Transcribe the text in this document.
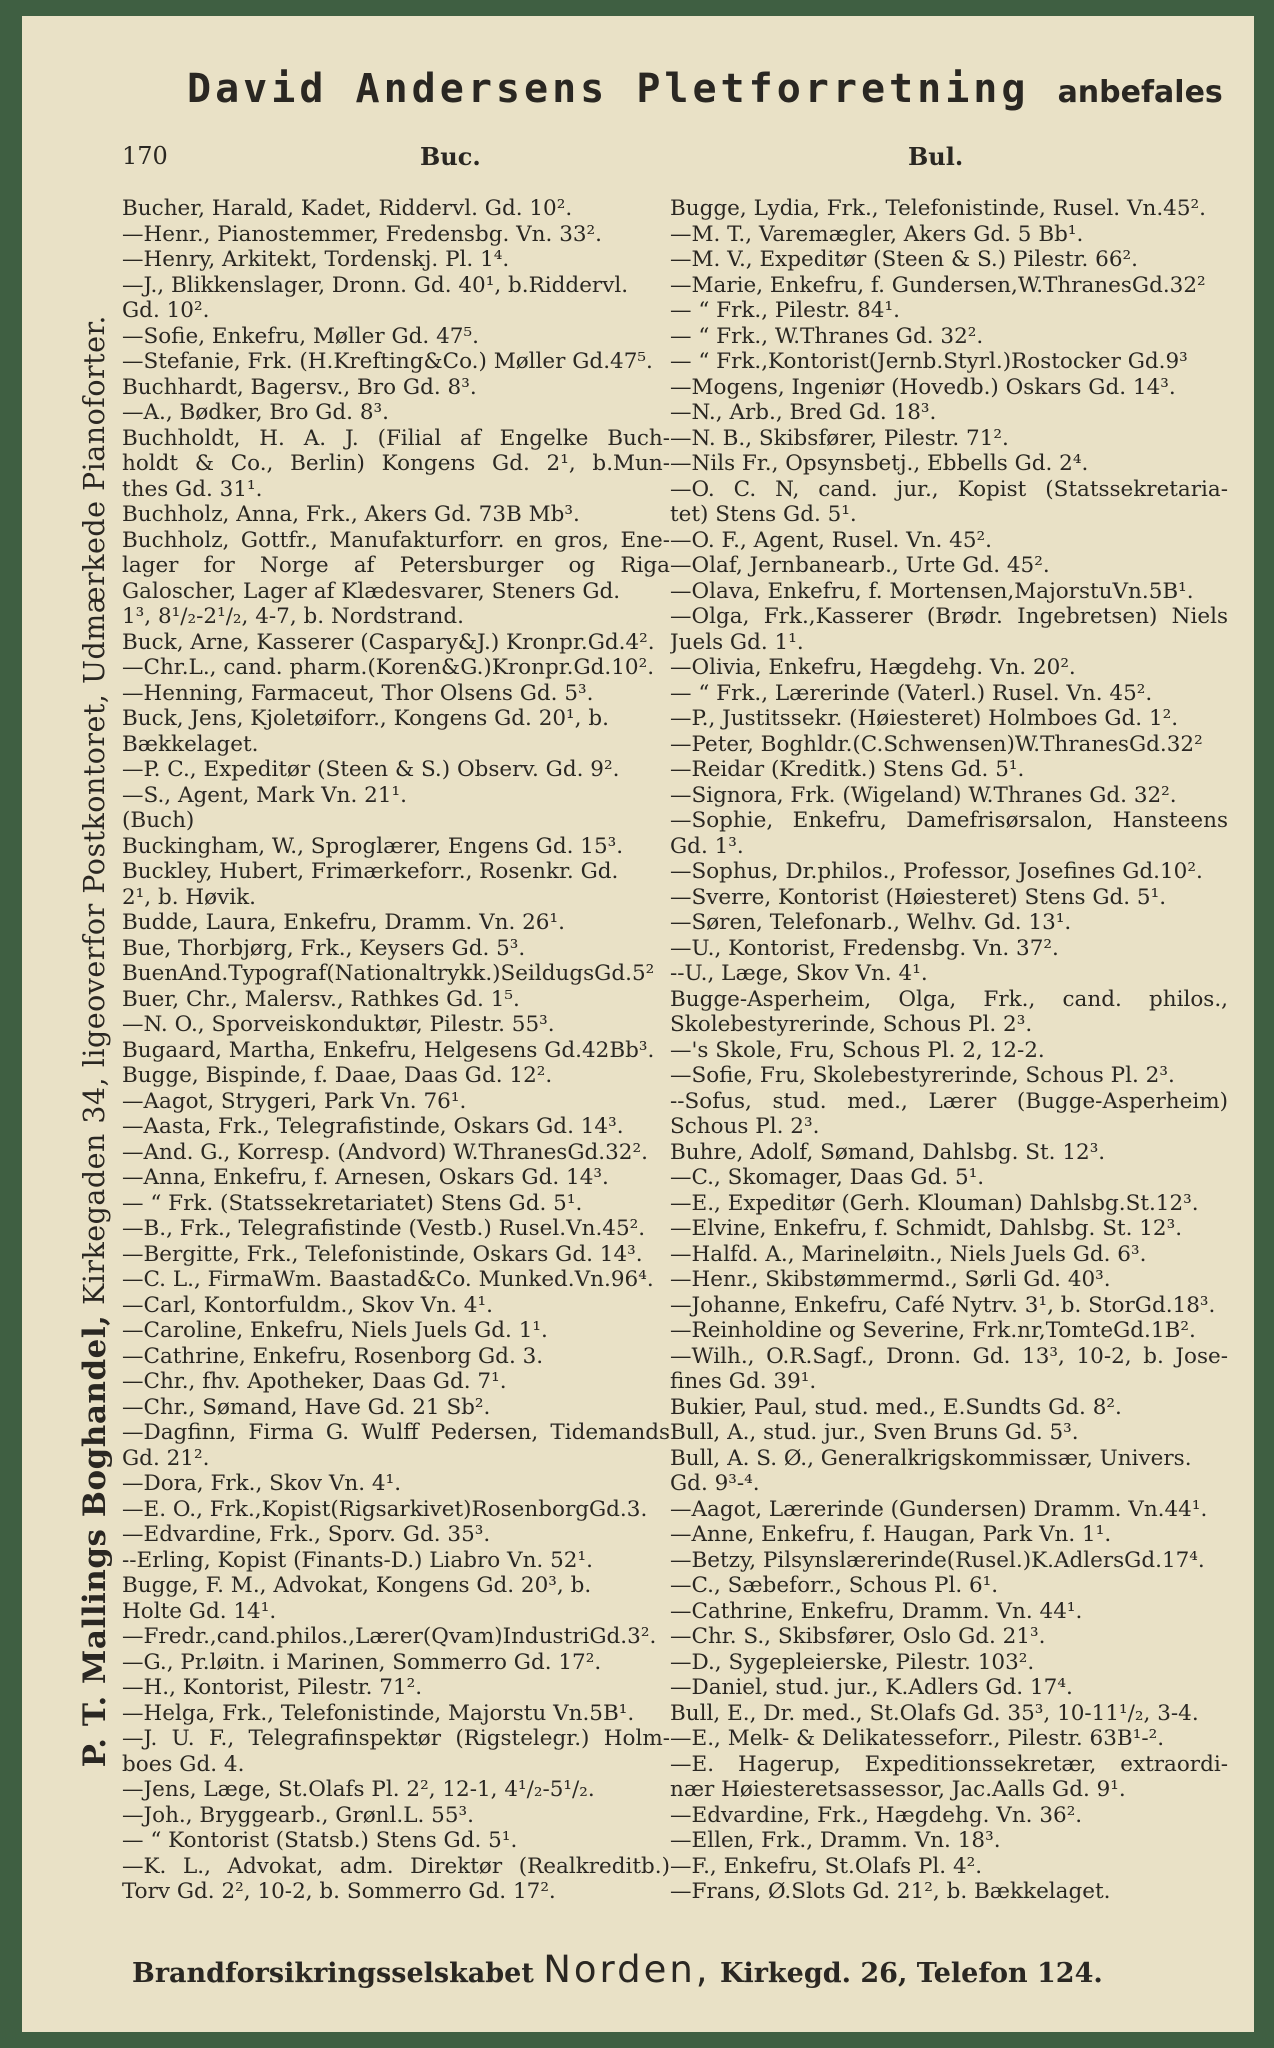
David Andersens Pletforretning anbefales
170	Buc.	Bul.
P. T. Mallings Boghandel, Kirkegaden 34, ligeoverfor Postkontoret, Udmærkede Pianoforter.
Bucher, Harald, Kadet, Riddervl. Gd. 10².
—Henr., Pianostemmer, Fredensbg. Vn. 33².
—Henry, Arkitekt, Tordenskj. Pl. 1⁴.
—J., Blikkenslager, Dronn. Gd. 40¹, b.Riddervl.
Gd. 10².
—Sofie, Enkefru, Møller Gd. 47⁵.
—Stefanie, Frk. (H.Krefting&Co.) Møller Gd.47⁵.
Buchhardt, Bagersv., Bro Gd. 8³.
—A., Bødker, Bro Gd. 8³.
Buchholdt, H. A. J. (Filial af Engelke Buch-
holdt & Co., Berlin) Kongens Gd. 2¹, b.Mun-
thes Gd. 31¹.
Buchholz, Anna, Frk., Akers Gd. 73B Mb³.
Buchholz, Gottfr., Manufakturforr. en gros, Ene-
lager for Norge af Petersburger og Riga
Galoscher, Lager af Klædesvarer, Steners Gd.
1³, 8¹/₂-2¹/₂, 4-7, b. Nordstrand.
Buck, Arne, Kasserer (Caspary&J.) Kronpr.Gd.4².
—Chr.L., cand. pharm.(Koren&G.)Kronpr.Gd.10².
—Henning, Farmaceut, Thor Olsens Gd. 5³.
Buck, Jens, Kjoletøiforr., Kongens Gd. 20¹, b.
Bækkelaget.
—P. C., Expeditør (Steen & S.) Observ. Gd. 9².
—S., Agent, Mark Vn. 21¹.
(Buch)
Buckingham, W., Sproglærer, Engens Gd. 15³.
Buckley, Hubert, Frimærkeforr., Rosenkr. Gd.
2¹, b. Høvik.
Budde, Laura, Enkefru, Dramm. Vn. 26¹.
Bue, Thorbjørg, Frk., Keysers Gd. 5³.
BuenAnd.Typograf(Nationaltrykk.)SeildugsGd.5²
Buer, Chr., Malersv., Rathkes Gd. 1⁵.
—N. O., Sporveiskonduktør, Pilestr. 55³.
Bugaard, Martha, Enkefru, Helgesens Gd.42Bb³.
Bugge, Bispinde, f. Daae, Daas Gd. 12².
—Aagot, Strygeri, Park Vn. 76¹.
—Aasta, Frk., Telegrafistinde, Oskars Gd. 14³.
—And. G., Korresp. (Andvord) W.ThranesGd.32².
—Anna, Enkefru, f. Arnesen, Oskars Gd. 14³.
— “ Frk. (Statssekretariatet) Stens Gd. 5¹.
—B., Frk., Telegrafistinde (Vestb.) Rusel.Vn.45².
—Bergitte, Frk., Telefonistinde, Oskars Gd. 14³.
—C. L., FirmaWm. Baastad&Co. Munked.Vn.96⁴.
—Carl, Kontorfuldm., Skov Vn. 4¹.
—Caroline, Enkefru, Niels Juels Gd. 1¹.
—Cathrine, Enkefru, Rosenborg Gd. 3.
—Chr., fhv. Apotheker, Daas Gd. 7¹.
—Chr., Sømand, Have Gd. 21 Sb².
—Dagfinn, Firma G. Wulff Pedersen, Tidemands
Gd. 21².
—Dora, Frk., Skov Vn. 4¹.
—E. O., Frk.,Kopist(Rigsarkivet)RosenborgGd.3.
—Edvardine, Frk., Sporv. Gd. 35³.
--Erling, Kopist (Finants-D.) Liabro Vn. 52¹.
Bugge, F. M., Advokat, Kongens Gd. 20³, b.
Holte Gd. 14¹.
—Fredr.,cand.philos.,Lærer(Qvam)IndustriGd.3².
—G., Pr.løitn. i Marinen, Sommerro Gd. 17².
—H., Kontorist, Pilestr. 71².
—Helga, Frk., Telefonistinde, Majorstu Vn.5B¹.
—J. U. F., Telegrafinspektør (Rigstelegr.) Holm-
boes Gd. 4.
—Jens, Læge, St.Olafs Pl. 2², 12-1, 4¹/₂-5¹/₂.
—Joh., Bryggearb., Grønl.L. 55³.
— “ Kontorist (Statsb.) Stens Gd. 5¹.
—K. L., Advokat, adm. Direktør (Realkreditb.)
Torv Gd. 2², 10-2, b. Sommerro Gd. 17².
Bugge, Lydia, Frk., Telefonistinde, Rusel. Vn.45².
—M. T., Varemægler, Akers Gd. 5 Bb¹.
—M. V., Expeditør (Steen & S.) Pilestr. 66².
—Marie, Enkefru, f. Gundersen,W.ThranesGd.32²
— “ Frk., Pilestr. 84¹.
— “ Frk., W.Thranes Gd. 32².
— “ Frk.,Kontorist(Jernb.Styrl.)Rostocker Gd.9³
—Mogens, Ingeniør (Hovedb.) Oskars Gd. 14³.
—N., Arb., Bred Gd. 18³.
—N. B., Skibsfører, Pilestr. 71².
—Nils Fr., Opsynsbetj., Ebbells Gd. 2⁴.
—O. C. N, cand. jur., Kopist (Statssekretaria-
tet) Stens Gd. 5¹.
—O. F., Agent, Rusel. Vn. 45².
—Olaf, Jernbanearb., Urte Gd. 45².
—Olava, Enkefru, f. Mortensen,MajorstuVn.5B¹.
—Olga, Frk.,Kasserer (Brødr. Ingebretsen) Niels
Juels Gd. 1¹.
—Olivia, Enkefru, Hægdehg. Vn. 20².
— “ Frk., Lærerinde (Vaterl.) Rusel. Vn. 45².
—P., Justitssekr. (Høiesteret) Holmboes Gd. 1².
—Peter, Boghldr.(C.Schwensen)W.ThranesGd.32²
—Reidar (Kreditk.) Stens Gd. 5¹.
—Signora, Frk. (Wigeland) W.Thranes Gd. 32².
—Sophie, Enkefru, Damefrisørsalon, Hansteens
Gd. 1³.
—Sophus, Dr.philos., Professor, Josefines Gd.10².
—Sverre, Kontorist (Høiesteret) Stens Gd. 5¹.
—Søren, Telefonarb., Welhv. Gd. 13¹.
—U., Kontorist, Fredensbg. Vn. 37².
--U., Læge, Skov Vn. 4¹.
Bugge-Asperheim, Olga, Frk., cand. philos.,
Skolebestyrerinde, Schous Pl. 2³.
—'s Skole, Fru, Schous Pl. 2, 12-2.
—Sofie, Fru, Skolebestyrerinde, Schous Pl. 2³.
--Sofus, stud. med., Lærer (Bugge-Asperheim)
Schous Pl. 2³.
Buhre, Adolf, Sømand, Dahlsbg. St. 12³.
—C., Skomager, Daas Gd. 5¹.
—E., Expeditør (Gerh. Klouman) Dahlsbg.St.12³.
—Elvine, Enkefru, f. Schmidt, Dahlsbg. St. 12³.
—Halfd. A., Marineløitn., Niels Juels Gd. 6³.
—Henr., Skibstømmermd., Sørli Gd. 40³.
—Johanne, Enkefru, Café Nytrv. 3¹, b. StorGd.18³.
—Reinholdine og Severine, Frk.nr,TomteGd.1B².
—Wilh., O.R.Sagf., Dronn. Gd. 13³, 10-2, b. Jose-
fines Gd. 39¹.
Bukier, Paul, stud. med., E.Sundts Gd. 8².
Bull, A., stud. jur., Sven Bruns Gd. 5³.
Bull, A. S. Ø., Generalkrigskommissær, Univers.
Gd. 9³-⁴.
—Aagot, Lærerinde (Gundersen) Dramm. Vn.44¹.
—Anne, Enkefru, f. Haugan, Park Vn. 1¹.
—Betzy, Pilsynslærerinde(Rusel.)K.AdlersGd.17⁴.
—C., Sæbeforr., Schous Pl. 6¹.
—Cathrine, Enkefru, Dramm. Vn. 44¹.
—Chr. S., Skibsfører, Oslo Gd. 21³.
—D., Sygepleierske, Pilestr. 103².
—Daniel, stud. jur., K.Adlers Gd. 17⁴.
Bull, E., Dr. med., St.Olafs Gd. 35³, 10-11¹/₂, 3-4.
—E., Melk- & Delikatesseforr., Pilestr. 63B¹-².
—E. Hagerup, Expeditionssekretær, extraordi-
nær Høiesteretsassessor, Jac.Aalls Gd. 9¹.
—Edvardine, Frk., Hægdehg. Vn. 36².
—Ellen, Frk., Dramm. Vn. 18³.
—F., Enkefru, St.Olafs Pl. 4².
—Frans, Ø.Slots Gd. 21², b. Bækkelaget.
Brandforsikringsselskabet Norden, Kirkegd. 26, Telefon 124.
